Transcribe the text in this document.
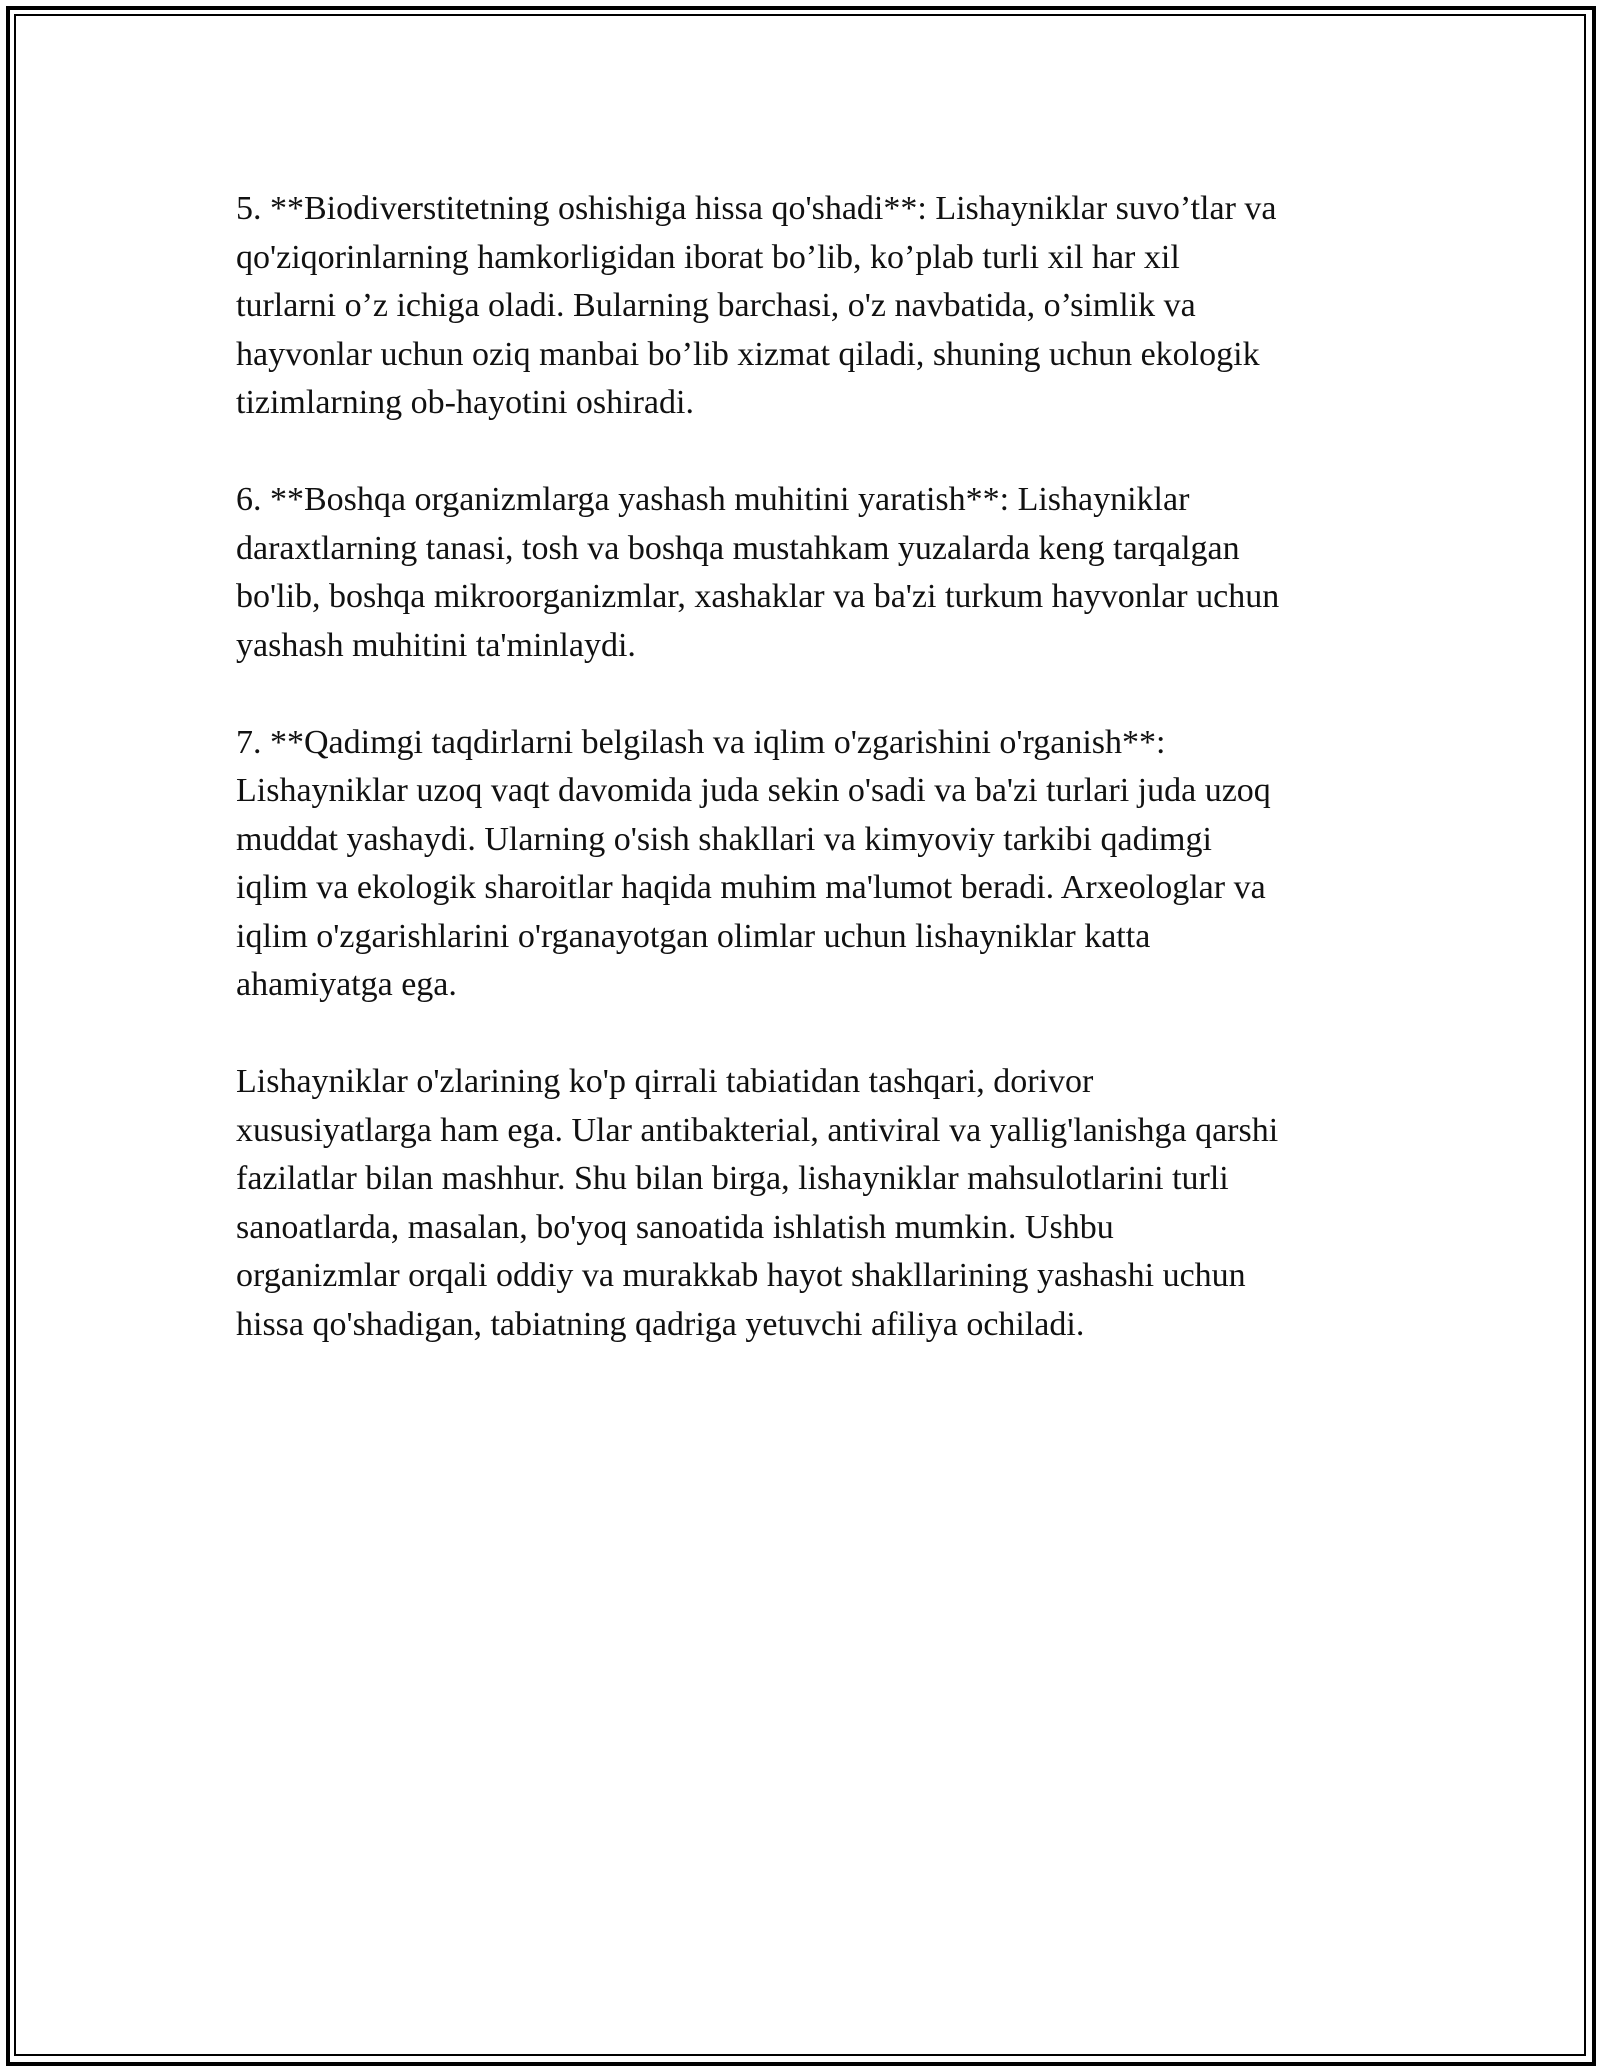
5. **Biodiverstitetning oshishiga hissa qo'shadi**: Lishayniklar suvo’tlar va
qo'ziqorinlarning hamkorligidan iborat bo’lib, ko’plab turli xil har xil
turlarni o’z ichiga oladi. Bularning barchasi, o'z navbatida, o’simlik va
hayvonlar uchun oziq manbai bo’lib xizmat qiladi, shuning uchun ekologik
tizimlarning ob-hayotini oshiradi.

6. **Boshqa organizmlarga yashash muhitini yaratish**: Lishayniklar
daraxtlarning tanasi, tosh va boshqa mustahkam yuzalarda keng tarqalgan
bo'lib, boshqa mikroorganizmlar, xashaklar va ba'zi turkum hayvonlar uchun
yashash muhitini ta'minlaydi.

7. **Qadimgi taqdirlarni belgilash va iqlim o'zgarishini o'rganish**:
Lishayniklar uzoq vaqt davomida juda sekin o'sadi va ba'zi turlari juda uzoq
muddat yashaydi. Ularning o'sish shakllari va kimyoviy tarkibi qadimgi
iqlim va ekologik sharoitlar haqida muhim ma'lumot beradi. Arxeologlar va
iqlim o'zgarishlarini o'rganayotgan olimlar uchun lishayniklar katta
ahamiyatga ega.

Lishayniklar o'zlarining ko'p qirrali tabiatidan tashqari, dorivor
xususiyatlarga ham ega. Ular antibakterial, antiviral va yallig'lanishga qarshi
fazilatlar bilan mashhur. Shu bilan birga, lishayniklar mahsulotlarini turli
sanoatlarda, masalan, bo'yoq sanoatida ishlatish mumkin. Ushbu
organizmlar orqali oddiy va murakkab hayot shakllarining yashashi uchun
hissa qo'shadigan, tabiatning qadriga yetuvchi afiliya ochiladi.
